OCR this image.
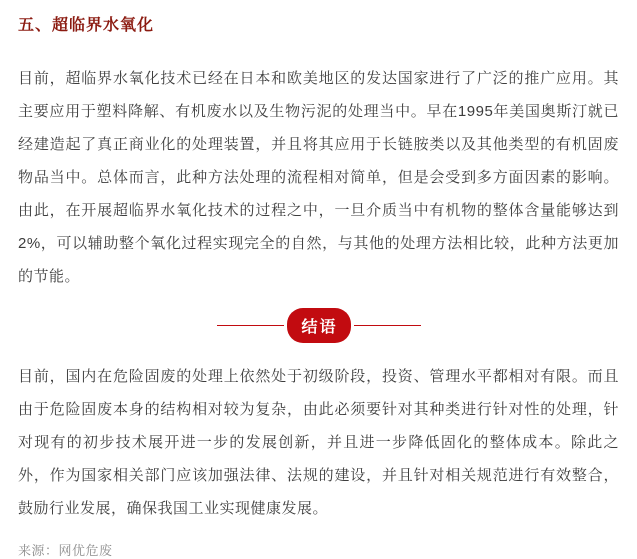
五、超临界水氧化

目前，超临界水氧化技术已经在日本和欧美地区的发达国家进行了广泛的推广应用。其主要应用于塑料降解、有机废水以及生物污泥的处理当中。早在1995年美国奥斯汀就已经建造起了真正商业化的处理装置，并且将其应用于长链胺类以及其他类型的有机固废物品当中。总体而言，此种方法处理的流程相对简单，但是会受到多方面因素的影响。由此，在开展超临界水氧化技术的过程之中，一旦介质当中有机物的整体含量能够达到2%，可以辅助整个氧化过程实现完全的自然，与其他的处理方法相比较，此种方法更加的节能。

结语

目前，国内在危险固废的处理上依然处于初级阶段，投资、管理水平都相对有限。而且由于危险固废本身的结构相对较为复杂，由此必须要针对其种类进行针对性的处理，针对现有的初步技术展开进一步的发展创新，并且进一步降低固化的整体成本。除此之外，作为国家相关部门应该加强法律、法规的建设，并且针对相关规范进行有效整合，鼓励行业发展，确保我国工业实现健康发展。

来源：网优危废
